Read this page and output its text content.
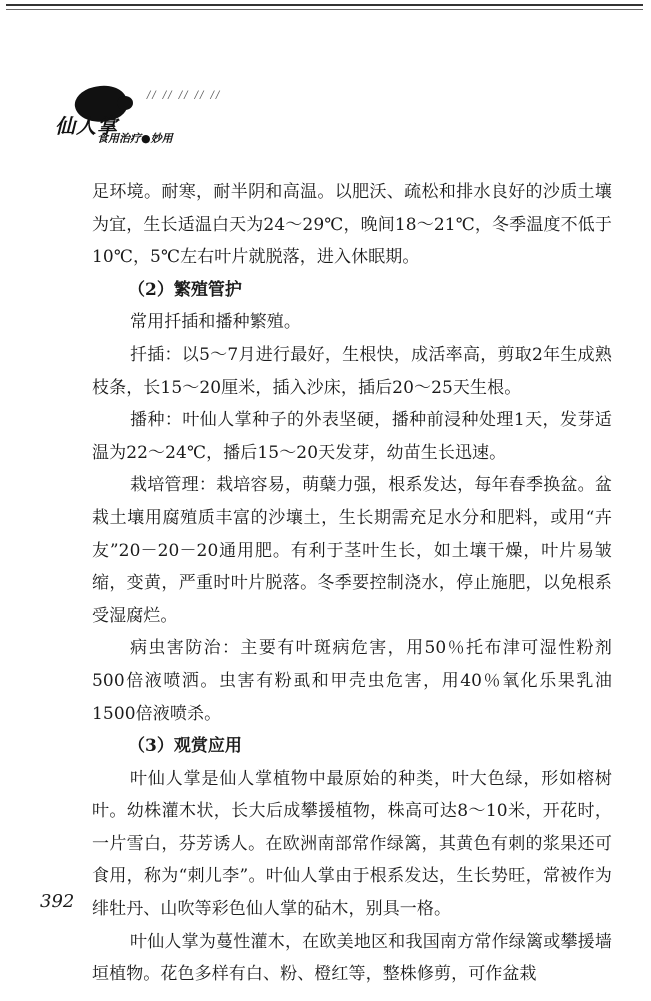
// // // // //
仙人掌
食用治疗●妙用

足环境。耐寒，耐半阴和高温。以肥沃、疏松和排水良好的沙质土壤为宜，生长适温白天为24～29℃，晚间18～21℃，冬季温度不低于10℃，5℃左右叶片就脱落，进入休眠期。

（2）繁殖管护

常用扦插和播种繁殖。

扦插：以5～7月进行最好，生根快，成活率高，剪取2年生成熟枝条，长15～20厘米，插入沙床，插后20～25天生根。

播种：叶仙人掌种子的外表坚硬，播种前浸种处理1天，发芽适温为22～24℃，播后15～20天发芽，幼苗生长迅速。

栽培管理：栽培容易，萌蘖力强，根系发达，每年春季换盆。盆栽土壤用腐殖质丰富的沙壤土，生长期需充足水分和肥料，或用“卉友”20－20－20通用肥。有利于茎叶生长，如土壤干燥，叶片易皱缩，变黄，严重时叶片脱落。冬季要控制浇水，停止施肥，以免根系受湿腐烂。

病虫害防治：主要有叶斑病危害，用50％托布津可湿性粉剂500倍液喷洒。虫害有粉虱和甲壳虫危害，用40％氧化乐果乳油1500倍液喷杀。

（3）观赏应用

叶仙人掌是仙人掌植物中最原始的种类，叶大色绿，形如榕树叶。幼株灌木状，长大后成攀援植物，株高可达8～10米，开花时，一片雪白，芬芳诱人。在欧洲南部常作绿篱，其黄色有刺的浆果还可食用，称为“刺儿李”。叶仙人掌由于根系发达，生长势旺，常被作为绯牡丹、山吹等彩色仙人掌的砧木，别具一格。

叶仙人掌为蔓性灌木，在欧美地区和我国南方常作绿篱或攀援墙垣植物。花色多样有白、粉、橙红等，整株修剪，可作盆栽

392
